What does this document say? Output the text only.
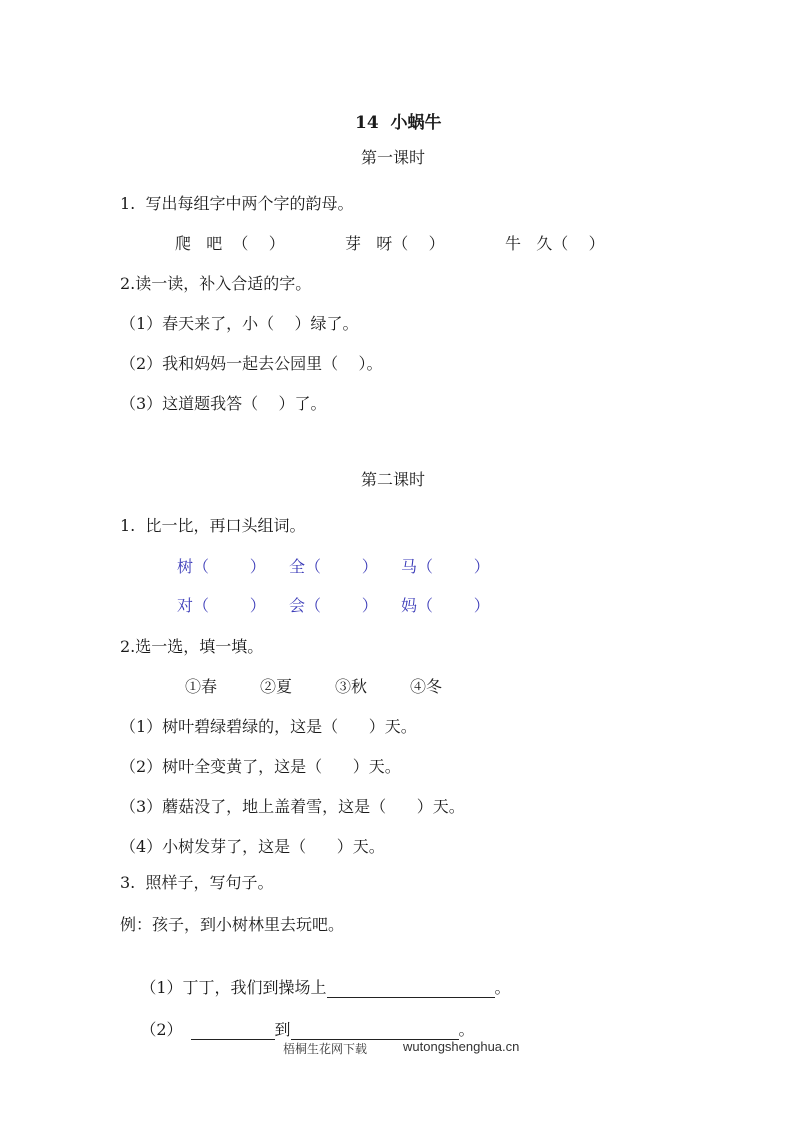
14  小蜗牛
第一课时
1.  写出每组字中两个字的韵母。
爬   吧  （    ）	芽   呀（    ）	牛   久（    ）
2.读一读，补入合适的字。
（1）春天来了，小（    ）绿了。
（2）我和妈妈一起去公园里（    ）。
（3）这道题我答（    ）了。
第二课时
1.  比一比，再口头组词。
树（        ） 全（        ） 马（        ）
对（        ） 会（        ） 妈（        ）
2.选一选，填一填。
①春	②夏	③秋	④冬
（1）树叶碧绿碧绿的，这是（      ）天。
（2）树叶全变黄了，这是（      ）天。
（3）蘑菇没了，地上盖着雪，这是（      ）天。
（4）小树发芽了，这是（      ）天。
3.  照样子，写句子。
例：孩子，到小树林里去玩吧。

（1）丁丁，我们到操场上	。

（2）	到	。

梧桐生花网下载	wutongshenghua.cn
